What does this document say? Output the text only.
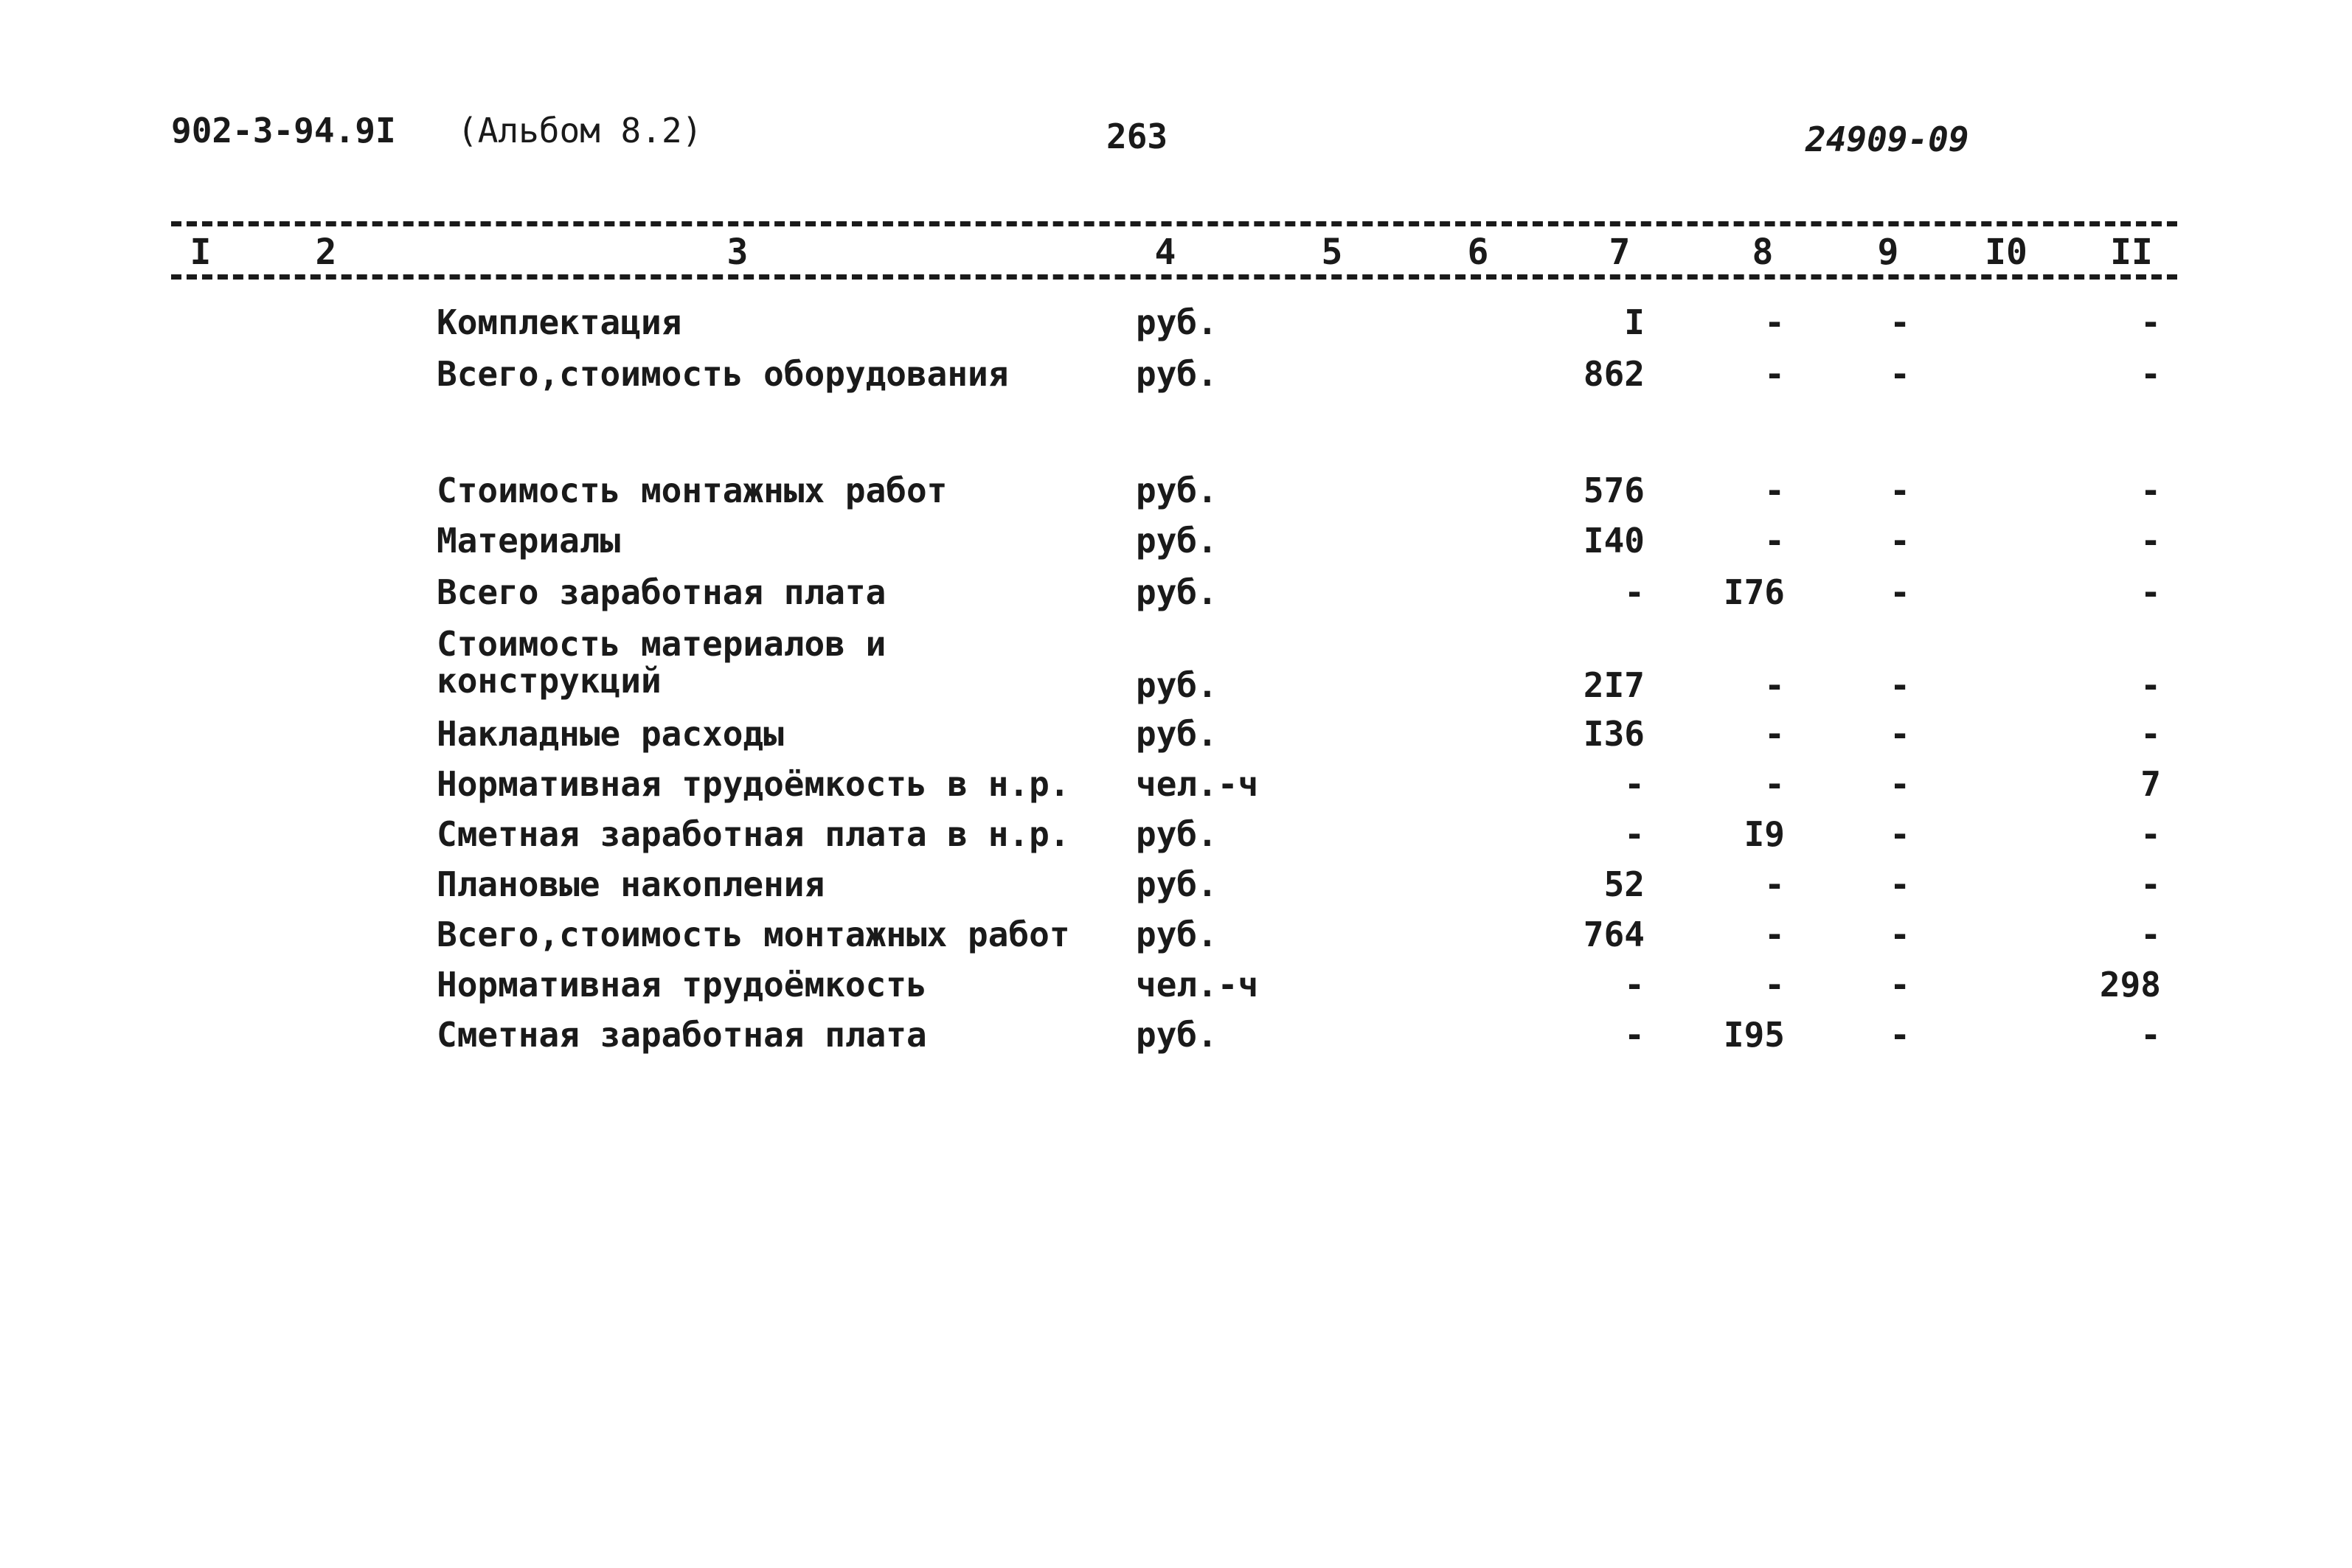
902-3-94.9I (Альбом 8.2)	263	24909-09
I	2	3	4	5	6	7	8	9	I0	II
Комплектация	руб.	I	-	-	-
Всего,стоимость оборудования	руб.	862	-	-	-
Стоимость монтажных работ	руб.	576	-	-	-
Материалы	руб.	I40	-	-	-
Всего заработная плата	руб.	-	I76	-	-
Стоимость материалов и
конструкций	руб.	2I7	-	-	-
Накладные расходы	руб.	I36	-	-	-
Нормативная трудоёмкость в н.р. чел.-ч	-	-	-	7
Сметная заработная плата в н.р. руб.	-	I9	-	-
Плановые накопления	руб.	52	-	-	-
Всего,стоимость монтажных работ руб.	764	-	-	-
Нормативная трудоёмкость	чел.-ч	-	-	-	298
Сметная заработная плата	руб.	-	I95	-	-
